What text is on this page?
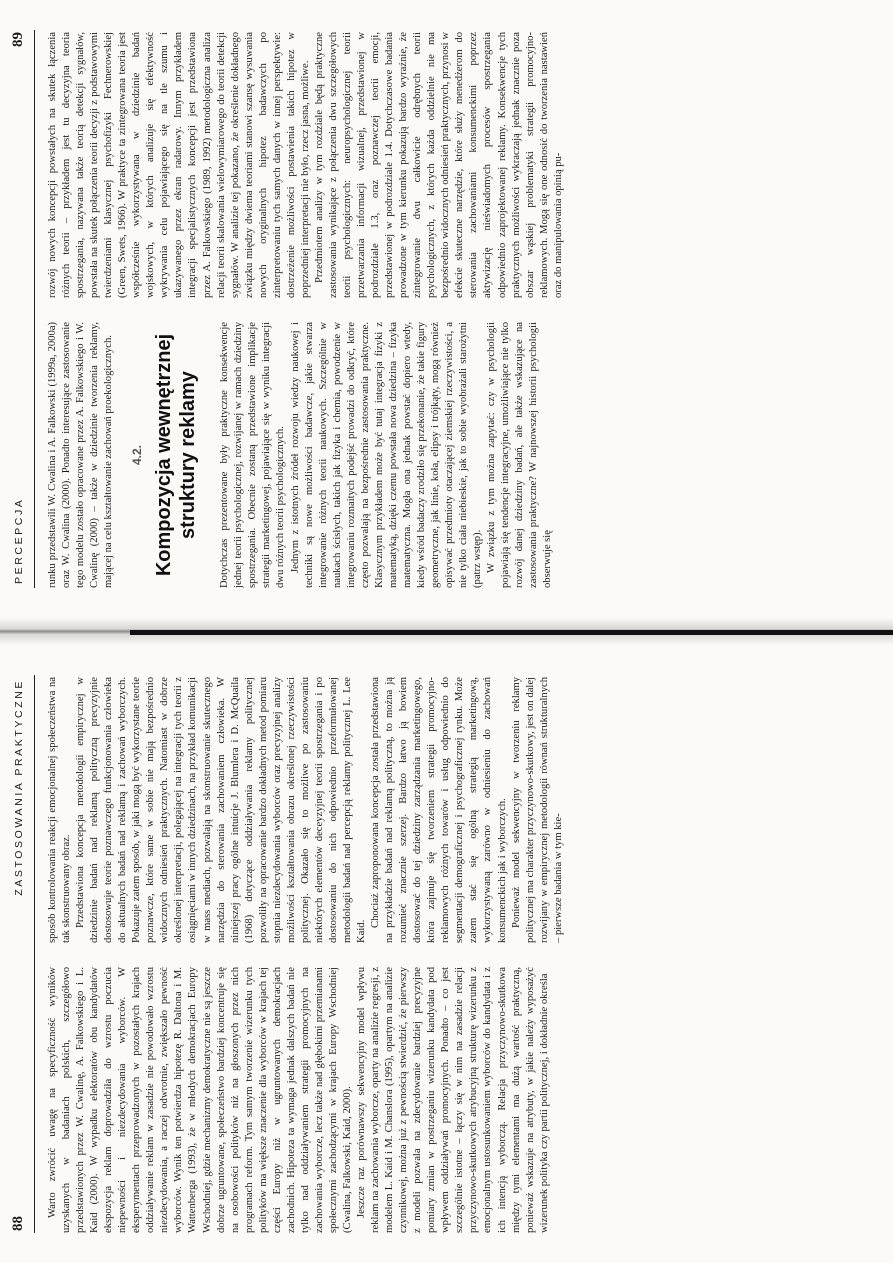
88
ZASTOSOWANIA PRAKTYCZNE

Warto zwrócić uwagę na specyficzność wyników uzyskanych w badaniach polskich, szczegółowo przedstawionych przez W. Cwalinę, A. Falkowskiego i L. Kaid (2000). W wypadku elektoratów obu kandydatów ekspozycja reklam doprowadziła do wzrostu poczucia niepewności i niezdecydowania wyborców. W eksperymentach przeprowadzonych w pozostałych krajach oddziaływanie reklam w zasadzie nie powodowało wzrostu niezdecydowania, a raczej odwrotnie, zwiększało pewność wyborców. Wynik ten potwierdza hipotezę R. Daltona i M. Wattenberga (1993), że w młodych demokracjach Europy Wschodniej, gdzie mechanizmy demokratyczne nie są jeszcze dobrze ugruntowane, społeczeństwo bardziej koncentruje się na osobowości polityków niż na głoszonych przez nich programach reform. Tym samym tworzenie wizerunku tych polityków ma większe znaczenie dla wyborców w krajach tej części Europy niż w ugruntowanych demokracjach zachodnich. Hipoteza ta wymaga jednak dalszych badań nie tylko nad oddziaływaniem strategii promocyjnych na zachowania wyborcze, lecz także nad głębokimi przemianami społecznymi zachodzącymi w krajach Europy Wschodniej (Cwalina, Falkowski, Kaid, 2000). Jeszcze raz porównawszy sekwencyjny model wpływu reklam na zachowania wyborcze, oparty na analizie regresji, z modelem L. Kaid i M. Chanslora (1995), opartym na analizie czynnikowej, można już z pewnością stwierdzić, że pierwszy z modeli pozwala na zdecydowanie bardziej precyzyjne pomiary zmian w postrzeganiu wizerunku kandydata pod wpływem oddziaływań promocyjnych. Ponadto – co jest szczególnie istotne – łączy się w nim na zasadzie relacji przyczynowo-skutkowych atrybucyjną strukturę wizerunku z emocjonalnym ustosunkowaniem wyborców do kandydata i z ich intencją wyborczą. Relacja przyczynowo-skutkowa między tymi elementami ma dużą wartość praktyczną, ponieważ wskazuje na atrybuty, w jakie należy wyposażyć wizerunek polityka czy partii politycznej, i dokładnie określa

sposób kontrolowania reakcji emocjonalnej społeczeństwa na tak skonstruowany obraz. Przedstawiona koncepcja metodologii empirycznej w dziedzinie badań nad reklamą polityczną precyzyjnie dostosowuje teorie poznawczego funkcjonowania człowieka do aktualnych badań nad reklamą i zachowań wyborczych. Pokazuje zatem sposób, w jaki mogą być wykorzystane teorie poznawcze, które same w sobie nie mają bezpośrednio widocznych odniesień praktycznych. Natomiast w dobrze określonej interpretacji, polegającej na integracji tych teorii z osiągnięciami w innych dziedzinach, na przykład komunikacji w mass mediach, pozwalają na skonstruowanie skutecznego narzędzia do sterowania zachowaniem człowieka. W niniejszej pracy ogólne intuicje J. Blumlera i D. McQuaila (1968) dotyczące oddziaływania reklamy politycznej pozwoliły na opracowanie bardzo dokładnych metod pomiaru stopnia niezdecydowania wyborców oraz precyzyjnej analizy możliwości kształtowania obrazu określonej rzeczywistości politycznej. Okazało się to możliwe po zastosowaniu niektórych elementów deceyzyjnej teorii spostrzegania i po dostosowaniu do nich odpowiednio przeformułowanej metodologii badań nad percepcją reklamy politycznej L. Lee Kaid.

Chociaż zaproponowana koncepcja została przedstawiona na przykładzie badań nad reklamą polityczną, to można ją rozumieć znacznie szerzej. Bardzo łatwo ją bowiem dostosować do tej dziedziny zarządzania marketingowego, która zajmuje się tworzeniem strategii promocyjno-reklamowych różnych towarów i usług odpowiednio do segmentacji demograficznej i psychograficznej rynku. Może zatem stać się ogólną strategią marketingową, wykorzystywaną zarówno w odniesieniu do zachowań konsumenckich jak i wyborczych. Ponieważ model sekwencyjny w tworzeniu reklamy politycznej ma charakter przyczynowo-skutkowy, jest on dalej rozwijany w empirycznej metodologii równań strukturalnych – pierwsze badania w tym kie-

PERCEPCJA
89

runku przedstawili W. Cwalina i A. Falkowski (1999a, 2000a) oraz W. Cwalina (2000). Ponadto interesujące zastosowanie tego modelu zostało opracowane przez A. Falkowskiego i W. Cwalinę (2000) – także w dziedzinie tworzenia reklamy, mającej na celu kształtowanie zachowań proekologicznych. 4.2. Kompozycja wewnętrznej struktury reklamy Dotychczas prezentowane były praktyczne konsekwencje jednej teorii psychologicznej, rozwijanej w ramach dziedziny spostrzegania. Obecnie zostaną przedstawione implikacje strategii marketingowej, pojawiające się w wyniku integracji dwu różnych teorii psychologicznych. Jednym z istotnych źródeł rozwoju wiedzy naukowej i techniki są nowe możliwości badawcze, jakie stwarza integrowanie różnych teorii naukowych. Szczególnie w naukach ścisłych, takich jak fizyka i chemia, powodzenie w integrowaniu rozmaitych podejść prowadzi do odkryć, które często pozwalają na bezpośrednie zastosowania praktyczne. Klasycznym przykładem może być tutaj integracja fizyki z matematyką, dzięki czemu powstała nowa dziedzina – fizyka matematyczna. Mogła ona jednak powstać dopiero wtedy, kiedy wśród badaczy zrodziło się przekonanie, że takie figury geometryczne, jak linie, koła, elipsy i trójkąty, mogą również opisywać przedmioty otaczającej ziemskiej rzeczywistości, a nie tylko ciała niebieskie, jak to sobie wyobrażali starożytni (patrz wstęp). W związku z tym można zapytać: czy w psychologii pojawiają się tendencje integracyjne, umożliwiające nie tylko rozwój danej dziedziny badań, ale także wskazujące na zastosowania praktyczne? W najnowszej historii psychologii obserwuje się

rozwój nowych koncepcji powstałych na skutek łączenia różnych teorii – przykładem jest tu decyzyjna teoria spostrzegania, nazywana także teorią detekcji sygnałów, powstała na skutek połączenia teorii decyzji z podstawowymi twierdzeniami klasycznej psychofizyki Fechnerowskiej (Green, Swets, 1966). W praktyce ta zintegrowana teoria jest współcześnie wykorzystywana w dziedzinie badań wojskowych, w których analizuje się efektywność wykrywania celu pojawiającego się na tle szumu i ukazywanego przez ekran radarowy. Innym przykładem integracji specjalistycznych koncepcji jest przedstawiona przez A. Falkowskiego (1989, 1992) metodologiczna analiza relacji teorii skalowania wielowymiarowego do teorii detekcji sygnałów. W analizie tej pokazano, że określenie dokładnego związku między dwiema teoriami stanowi szansę wysuwania nowych oryginalnych hipotez badawczych po zinterpretowaniu tych samych danych w innej perspektywie: dostrzeżenie możliwości postawienia takich hipotez w poprzedniej interpretacji nie było, rzecz jasna, możliwe. Przedmiotem analizy w tym rozdziale będą praktyczne zastosowania wynikające z połączenia dwu szczegółowych teorii psychologicznych: neuropsychologicznej teorii przetwarzania informacji wizualnej, przedstawionej w podrozdziale 1.3, oraz poznawczej teorii emocji, przedstawionej w podrozdziale 1.4. Dotychczasowe badania prowadzone w tym kierunku pokazują bardzo wyraźnie, że zintegrowanie dwu całkowicie odrębnych teorii psychologicznych, z których każda oddzielnie nie ma bezpośrednio widocznych odniesień praktycznych, przynosi w efekcie skuteczne narzędzie, które służy menedżerom do sterowania zachowaniami konsumenckimi poprzez aktywizację nieświadomych procesów spostrzegania odpowiednio zaprojektowanej reklamy. Konsekwencje tych praktycznych możliwości wykraczają jednak znacznie poza obszar wąskiej problematyki strategii promocyjno-reklamowych. Mogą się one odnosić do tworzenia nastawień oraz do manipulowania opinią pu-
